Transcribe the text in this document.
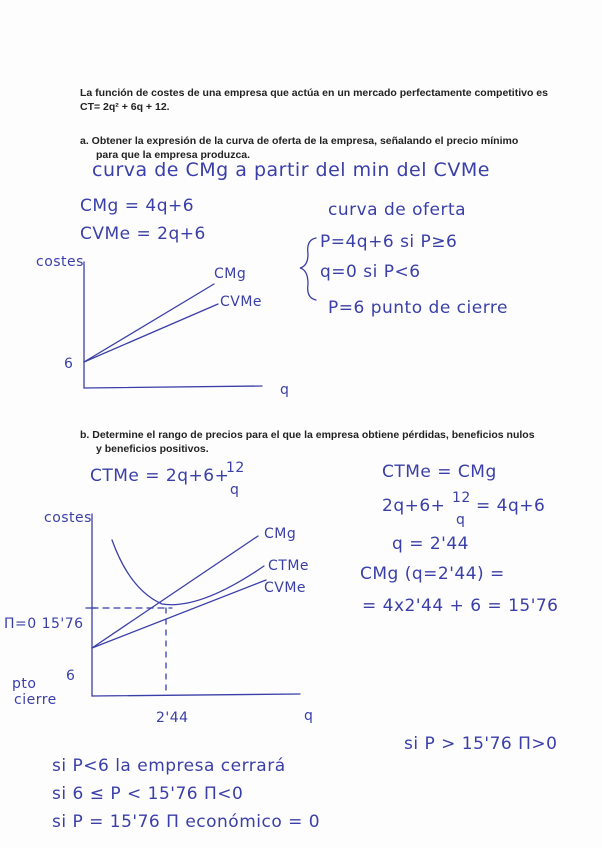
La función de costes de una empresa que actúa en un mercado perfectamente competitivo es
CT= 2q² + 6q + 12.
a. Obtener la expresión de la curva de oferta de la empresa, señalando el precio mínimo
para que la empresa produzca.
curva de CMg a partir del min del CVMe
CMg = 4q+6
CVMe = 2q+6
curva de oferta
P=4q+6 si P≥6
q=0 si P<6
P=6 punto de cierre
costes
6
CMg
CVMe
q
b. Determine el rango de precios para el que la empresa obtiene pérdidas, beneficios nulos
y beneficios positivos.
CTMe = 2q+6+
12
q
CTMe = CMg
2q+6+ 12
q
= 4q+6
q = 2'44
CMg (q=2'44) =
= 4x2'44 + 6 = 15'76
costes
CMg
CTMe
CVMe
Π=0 15'76
6
pto
cierre
2'44	q
si P<6 la empresa cerrará
si 6 ≤ P < 15'76 Π<0
si P = 15'76 Π económico = 0
si P > 15'76 Π>0
